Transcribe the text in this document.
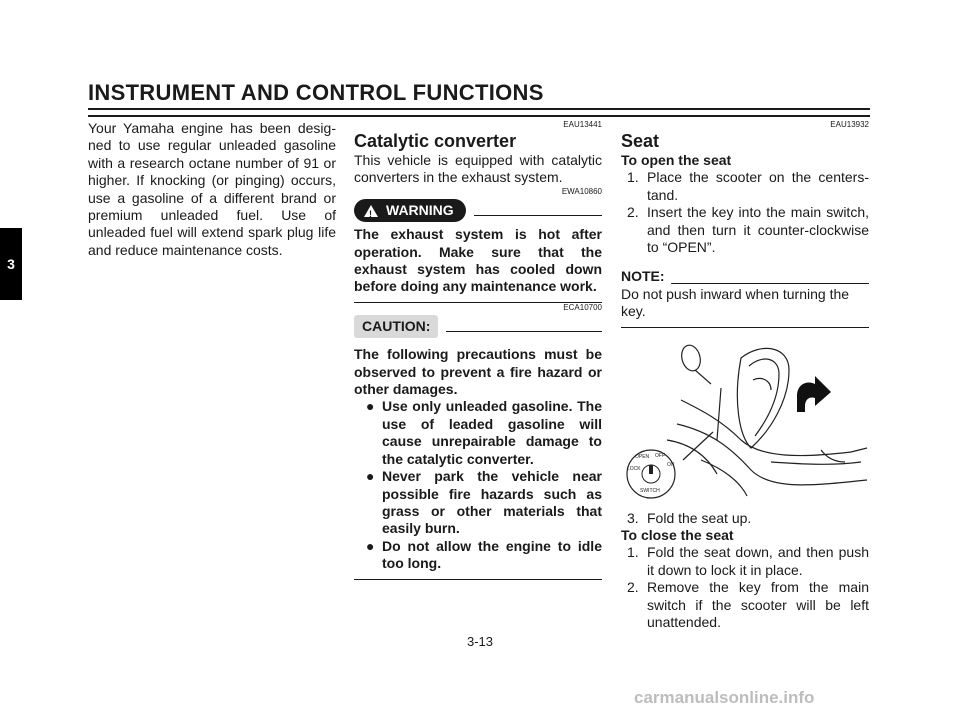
INSTRUMENT AND CONTROL FUNCTIONS
3
Your Yamaha engine has been desig-ned to use regular unleaded gasoline with a research octane number of 91 or higher. If knocking (or pinging) occurs, use a gasoline of a different brand or premium unleaded fuel. Use of unleaded fuel will extend spark plug life and reduce maintenance costs.
EAU13441
Catalytic converter
This vehicle is equipped with catalytic converters in the exhaust system.
EWA10860
!
WARNING
The exhaust system is hot after operation. Make sure that the exhaust system has cooled down before doing any maintenance work.
ECA10700
CAUTION:
The following precautions must be observed to prevent a fire hazard or other damages.
● Use only unleaded gasoline. The use of leaded gasoline will cause unrepairable damage to the catalytic converter.
● Never park the vehicle near possible fire hazards such as grass or other materials that easily burn.
● Do not allow the engine to idle too long.
EAU13932
Seat
To open the seat
1. Place the scooter on the centers-tand.
2. Insert the key into the main switch, and then turn it counter-clockwise to “OPEN”.
NOTE:
Do not push inward when turning the key.
OPEN OFF
ON
LOCK
SWITCH
3. Fold the seat up.
To close the seat
1. Fold the seat down, and then push it down to lock it in place.
2. Remove the key from the main switch if the scooter will be left unattended.
3-13
carmanualsonline.info
